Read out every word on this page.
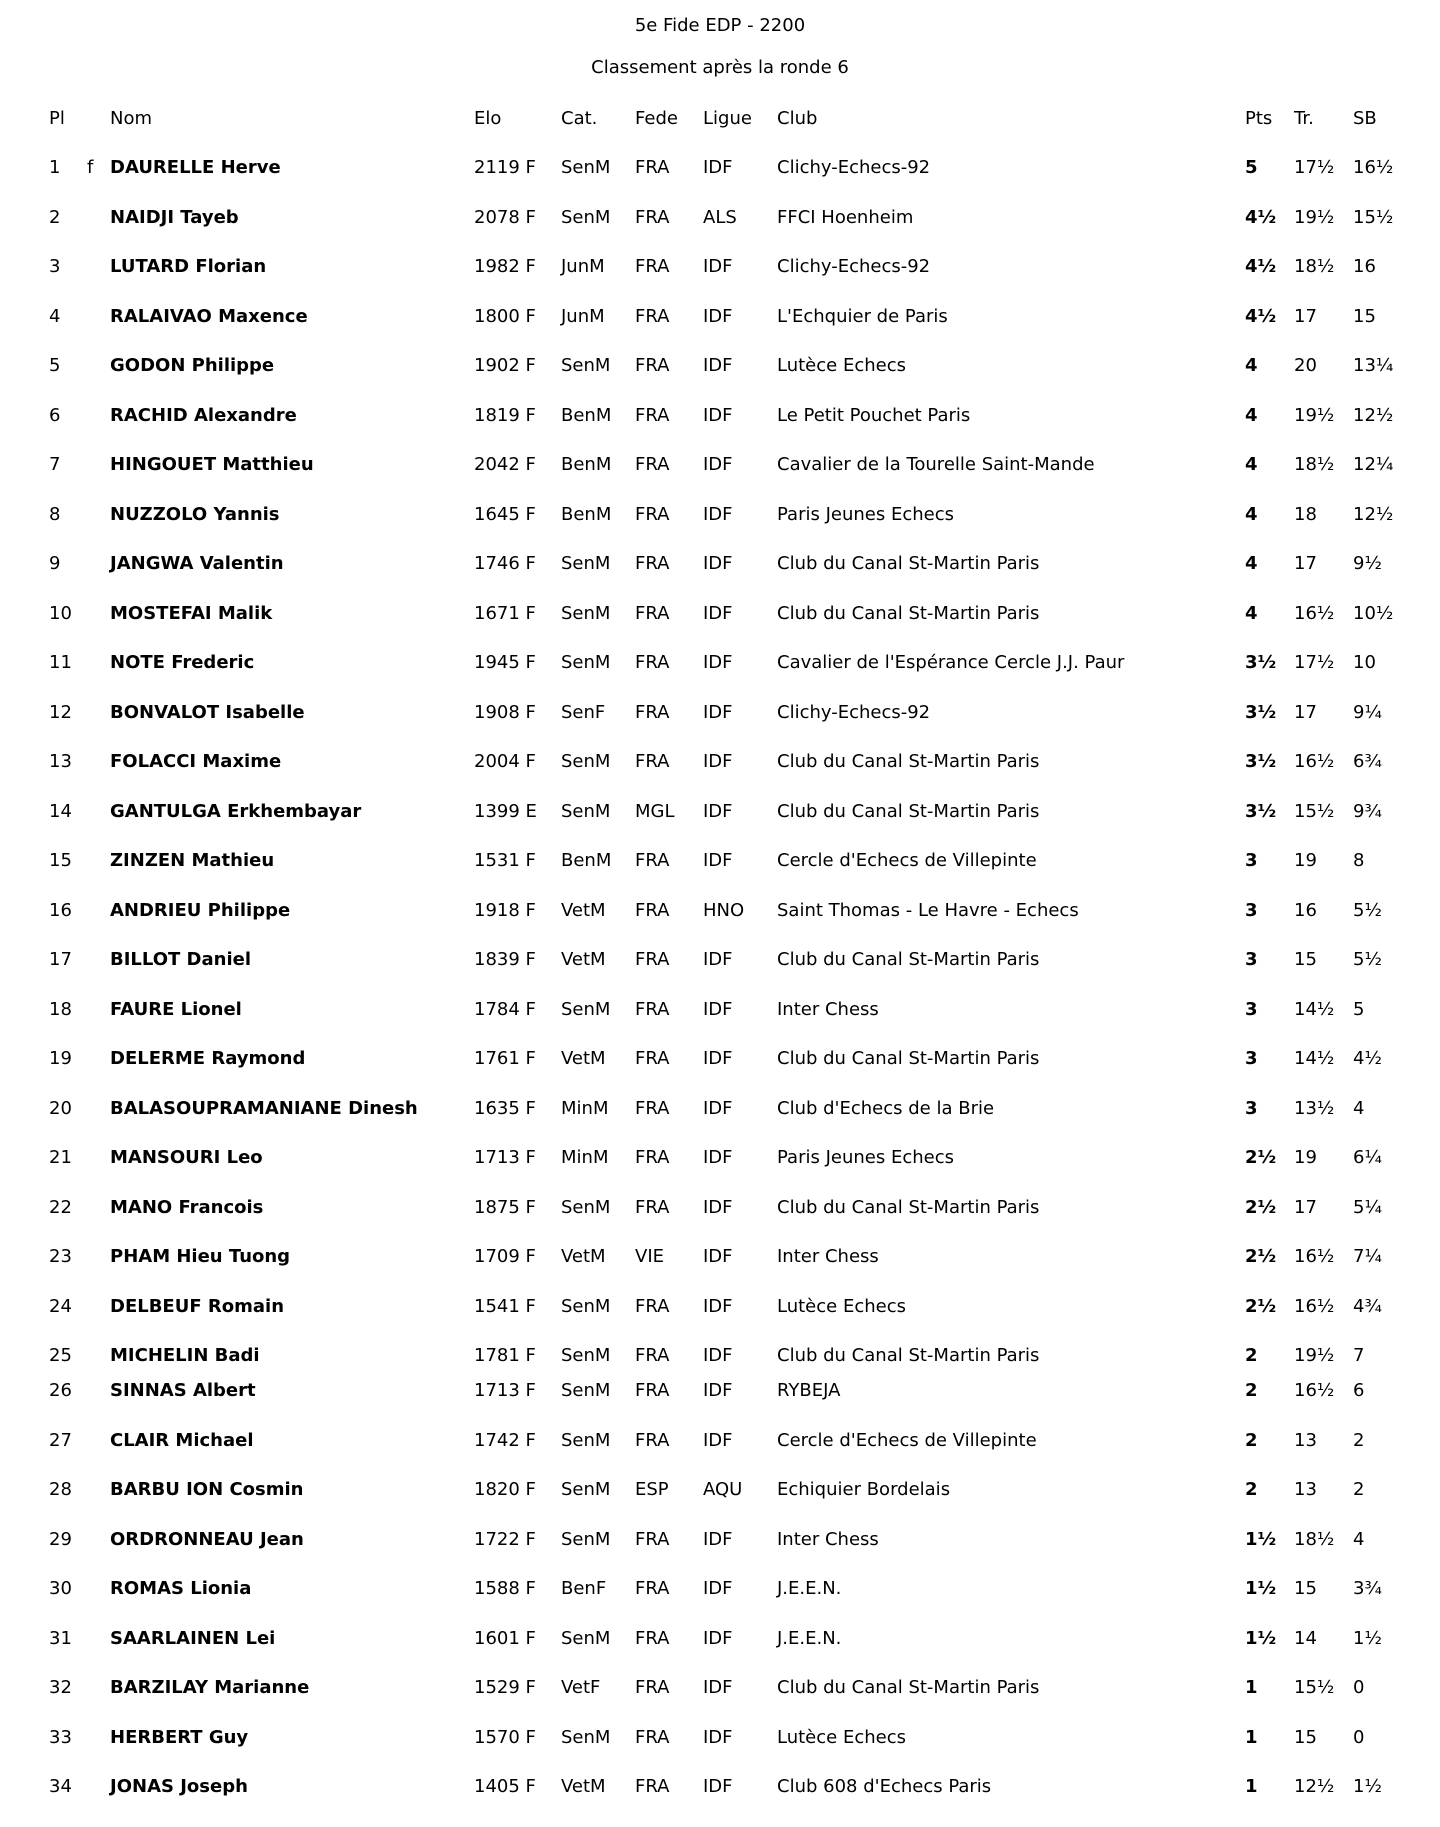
5e Fide EDP - 2200
Classement après la ronde 6
Pl	Nom	Elo	Cat. Fede Ligue Club	Pts Tr. SB
1 f DAURELLE Herve	2119 F SenM FRA IDF Clichy-Echecs-92	5 17½ 16½
2	NAIDJI Tayeb	2078 F SenM FRA ALS FFCI Hoenheim	4½ 19½ 15½
3	LUTARD Florian	1982 F JunM FRA IDF Clichy-Echecs-92	4½ 18½ 16
4	RALAIVAO Maxence	1800 F JunM FRA IDF L'Echquier de Paris	4½ 17 15
5	GODON Philippe	1902 F SenM FRA IDF Lutèce Echecs	4 20 13¼
6	RACHID Alexandre	1819 F BenM FRA IDF Le Petit Pouchet Paris	4 19½ 12½
7	HINGOUET Matthieu	2042 F BenM FRA IDF Cavalier de la Tourelle Saint-Mande	4 18½ 12¼
8	NUZZOLO Yannis	1645 F BenM FRA IDF Paris Jeunes Echecs	4 18 12½
9	JANGWA Valentin	1746 F SenM FRA IDF Club du Canal St-Martin Paris	4 17 9½
10 MOSTEFAI Malik	1671 F SenM FRA IDF Club du Canal St-Martin Paris	4 16½ 10½
11 NOTE Frederic	1945 F SenM FRA IDF Cavalier de l'Espérance Cercle J.J. Paur	3½ 17½ 10
12 BONVALOT Isabelle	1908 F SenF FRA IDF Clichy-Echecs-92	3½ 17 9¼
13 FOLACCI Maxime	2004 F SenM FRA IDF Club du Canal St-Martin Paris	3½ 16½ 6¾
14 GANTULGA Erkhembayar	1399 E SenM MGL IDF Club du Canal St-Martin Paris	3½ 15½ 9¾
15 ZINZEN Mathieu	1531 F BenM FRA IDF Cercle d'Echecs de Villepinte	3 19 8
16 ANDRIEU Philippe	1918 F VetM FRA HNO Saint Thomas - Le Havre - Echecs	3 16 5½
17 BILLOT Daniel	1839 F VetM FRA IDF Club du Canal St-Martin Paris	3 15 5½
18 FAURE Lionel	1784 F SenM FRA IDF Inter Chess	3 14½ 5
19 DELERME Raymond	1761 F VetM FRA IDF Club du Canal St-Martin Paris	3 14½ 4½
20 BALASOUPRAMANIANE Dinesh	1635 F MinM FRA IDF Club d'Echecs de la Brie	3 13½ 4
21 MANSOURI Leo	1713 F MinM FRA IDF Paris Jeunes Echecs	2½ 19 6¼
22 MANO Francois	1875 F SenM FRA IDF Club du Canal St-Martin Paris	2½ 17 5¼
23 PHAM Hieu Tuong	1709 F VetM VIE IDF Inter Chess	2½ 16½ 7¼
24 DELBEUF Romain	1541 F SenM FRA IDF Lutèce Echecs	2½ 16½ 4¾
25 MICHELIN Badi	1781 F SenM FRA IDF Club du Canal St-Martin Paris	2 19½ 7
26 SINNAS Albert	1713 F SenM FRA IDF RYBEJA	2 16½ 6
27 CLAIR Michael	1742 F SenM FRA IDF Cercle d'Echecs de Villepinte	2 13 2
28 BARBU ION Cosmin	1820 F SenM ESP AQU Echiquier Bordelais	2 13 2
29 ORDRONNEAU Jean	1722 F SenM FRA IDF Inter Chess	1½ 18½ 4
30 ROMAS Lionia	1588 F BenF FRA IDF J.E.E.N.	1½ 15 3¾
31 SAARLAINEN Lei	1601 F SenM FRA IDF J.E.E.N.	1½ 14 1½
32 BARZILAY Marianne	1529 F VetF FRA IDF Club du Canal St-Martin Paris	1 15½ 0
33 HERBERT Guy	1570 F SenM FRA IDF Lutèce Echecs	1 15 0
34 JONAS Joseph	1405 F VetM FRA IDF Club 608 d'Echecs Paris	1 12½ 1½
